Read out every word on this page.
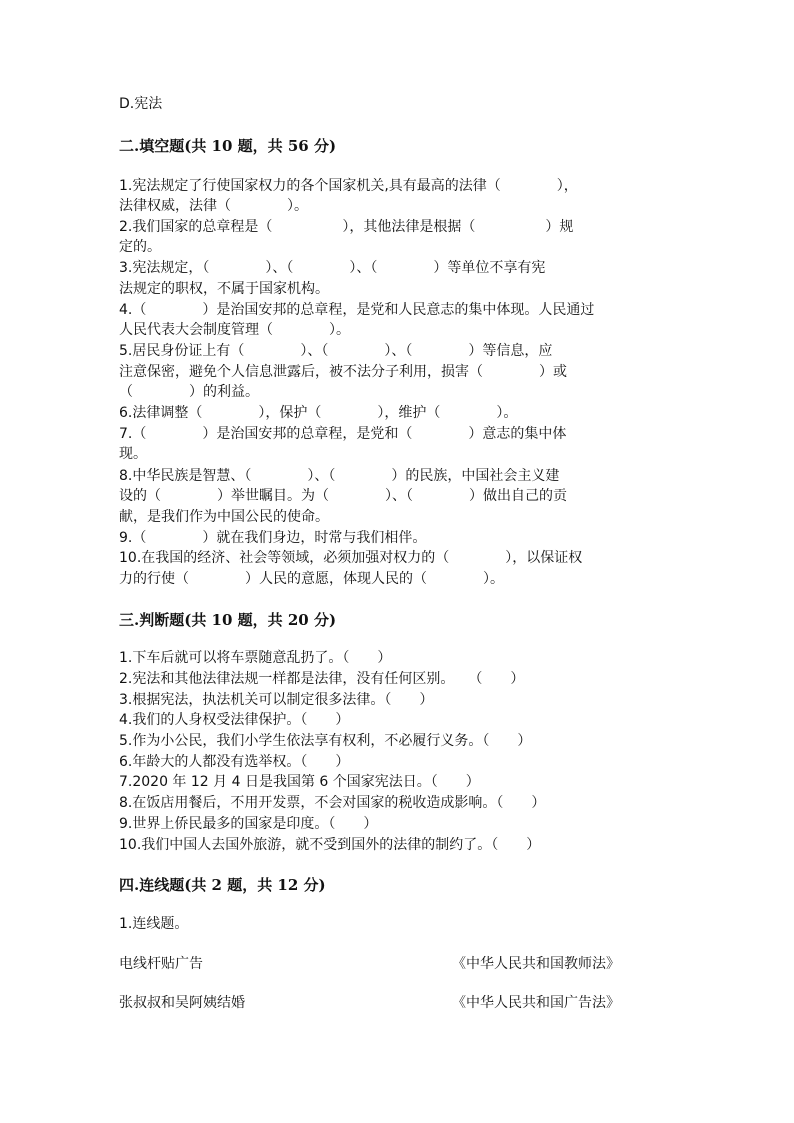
D.宪法
二.填空题(共 10 题，共 56 分)
1.宪法规定了行使国家权力的各个国家机关,具有最高的法律（　　　　），
法律权威，法律（　　　　）。
2.我们国家的总章程是（　　　　　），其他法律是根据（　　　　　）规
定的。
3.宪法规定，（　　　　）、（　　　　）、（　　　　）等单位不享有宪
法规定的职权，不属于国家机构。
4.（　　　　）是治国安邦的总章程，是党和人民意志的集中体现。人民通过
人民代表大会制度管理（　　　　）。
5.居民身份证上有（　　　　）、（　　　　）、（　　　　）等信息，应
注意保密，避免个人信息泄露后，被不法分子利用，损害（　　　　）或
（　　　　）的利益。
6.法律调整（　　　　），保护（　　　　），维护（　　　　）。
7.（　　　　）是治国安邦的总章程，是党和（　　　　）意志的集中体
现。
8.中华民族是智慧、（　　　　）、（　　　　）的民族，中国社会主义建
设的（　　　　）举世瞩目。为（　　　　）、（　　　　）做出自己的贡
献，是我们作为中国公民的使命。
9.（　　　　）就在我们身边，时常与我们相伴。
10.在我国的经济、社会等领域，必须加强对权力的（　　　　），以保证权
力的行使（　　　　）人民的意愿，体现人民的（　　　　）。
三.判断题(共 10 题，共 20 分)
1.下车后就可以将车票随意乱扔了。（　　）
2.宪法和其他法律法规一样都是法律，没有任何区别。　　（　　）
3.根据宪法，执法机关可以制定很多法律。（　　）
4.我们的人身权受法律保护。（　　）
5.作为小公民，我们小学生依法享有权利，不必履行义务。（　　）
6.年龄大的人都没有选举权。（　　）
7.2020 年 12 月 4 日是我国第 6 个国家宪法日。（　　）
8.在饭店用餐后，不用开发票，不会对国家的税收造成影响。（　　）
9.世界上侨民最多的国家是印度。（　　）
10.我们中国人去国外旅游，就不受到国外的法律的制约了。（　　）
四.连线题(共 2 题，共 12 分)
1.连线题。
电线杆贴广告	《中华人民共和国教师法》
张叔叔和吴阿姨结婚	《中华人民共和国广告法》
